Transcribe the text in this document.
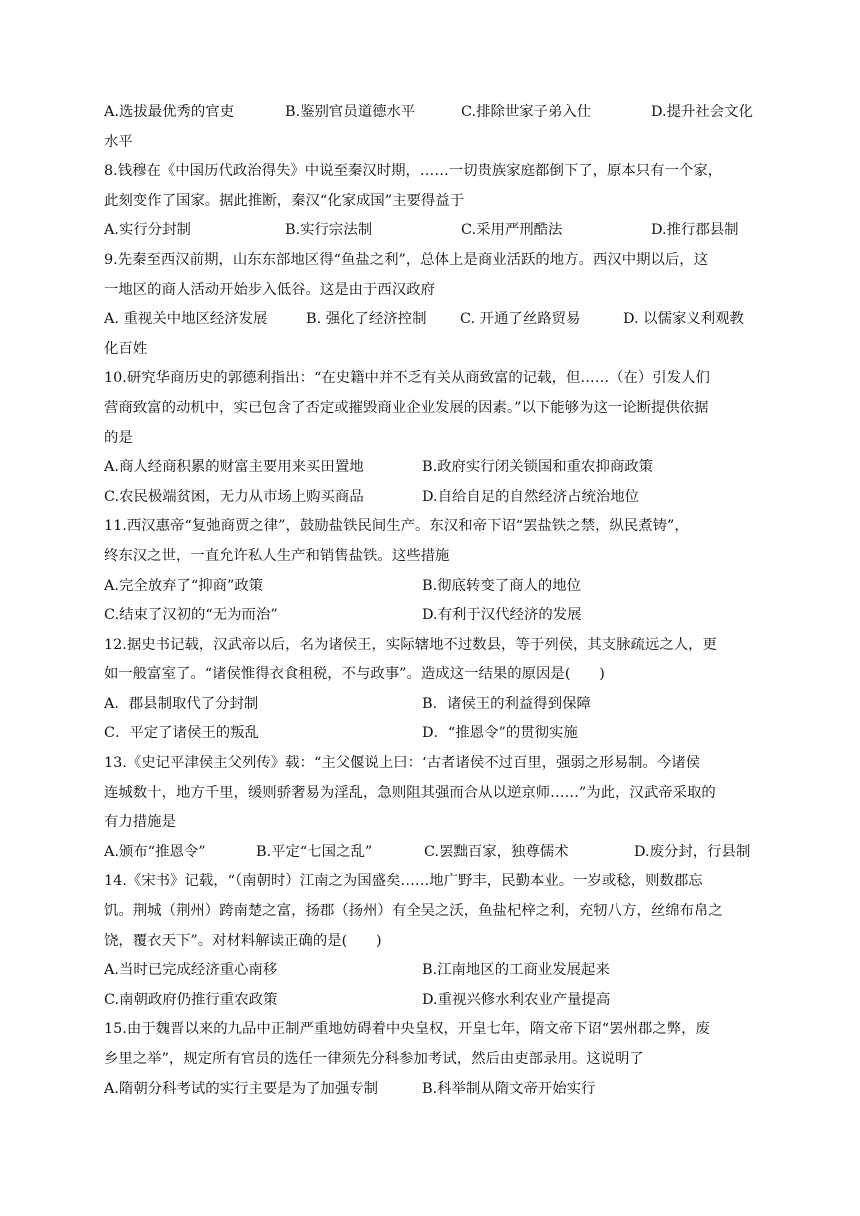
A.选拔最优秀的官吏	B.鉴别官员道德水平	C.排除世家子弟入仕	D.提升社会文化
水平
8.钱穆在《中国历代政治得失》中说至秦汉时期，……一切贵族家庭都倒下了，原本只有一个家，
此刻变作了国家。据此推断，秦汉“化家成国”主要得益于
A.实行分封制	B.实行宗法制	C.采用严刑酷法	D.推行郡县制
9.先秦至西汉前期，山东东部地区得“鱼盐之利”，总体上是商业活跃的地方。西汉中期以后，这
一地区的商人活动开始步入低谷。这是由于西汉政府
A. 重视关中地区经济发展	B. 强化了经济控制	C. 开通了丝路贸易	D. 以儒家义利观教
化百姓
10.研究华商历史的郭德利指出：“在史籍中并不乏有关从商致富的记载，但……（在）引发人们
营商致富的动机中，实已包含了否定或摧毁商业企业发展的因素。”以下能够为这一论断提供依据
的是
A.商人经商积累的财富主要用来买田置地	B.政府实行闭关锁国和重农抑商政策
C.农民极端贫困，无力从市场上购买商品	D.自给自足的自然经济占统治地位
11.西汉惠帝“复弛商贾之律”，鼓励盐铁民间生产。东汉和帝下诏“罢盐铁之禁，纵民煮铸”，
终东汉之世，一直允许私人生产和销售盐铁。这些措施
A.完全放弃了“抑商”政策	B.彻底转变了商人的地位
C.结束了汉初的“无为而治”	D.有利于汉代经济的发展
12.据史书记载，汉武帝以后，名为诸侯王，实际辖地不过数县，等于列侯，其支脉疏远之人，更
如一般富室了。“诸侯惟得衣食租税，不与政事”。造成这一结果的原因是(　　)
A．郡县制取代了分封制	B．诸侯王的利益得到保障
C．平定了诸侯王的叛乱	D．“推恩令”的贯彻实施
13.《史记平津侯主父列传》载：“主父偃说上曰：‘古者诸侯不过百里，强弱之形易制。今诸侯
连城数十，地方千里，缓则骄奢易为淫乱，急则阻其强而合从以逆京师……”为此，汉武帝采取的
有力措施是
A.颁布“推恩令”	B.平定“七国之乱”	C.罢黜百家，独尊儒术	D.废分封，行县制
14.《宋书》记载，“（南朝时）江南之为国盛矣……地广野丰，民勤本业。一岁或稔，则数郡忘
饥。荆城（荆州）跨南楚之富，扬郡（扬州）有全吴之沃，鱼盐杞梓之利，充牣八方，丝绵布帛之
饶，覆衣天下”。对材料解读正确的是(　　)
A.当时已完成经济重心南移	B.江南地区的工商业发展起来
C.南朝政府仍推行重农政策	D.重视兴修水利农业产量提高
15.由于魏晋以来的九品中正制严重地妨碍着中央皇权，开皇七年，隋文帝下诏“罢州郡之弊，废
乡里之举”，规定所有官员的选任一律须先分科参加考试，然后由吏部录用。这说明了
A.隋朝分科考试的实行主要是为了加强专制	B.科举制从隋文帝开始实行
